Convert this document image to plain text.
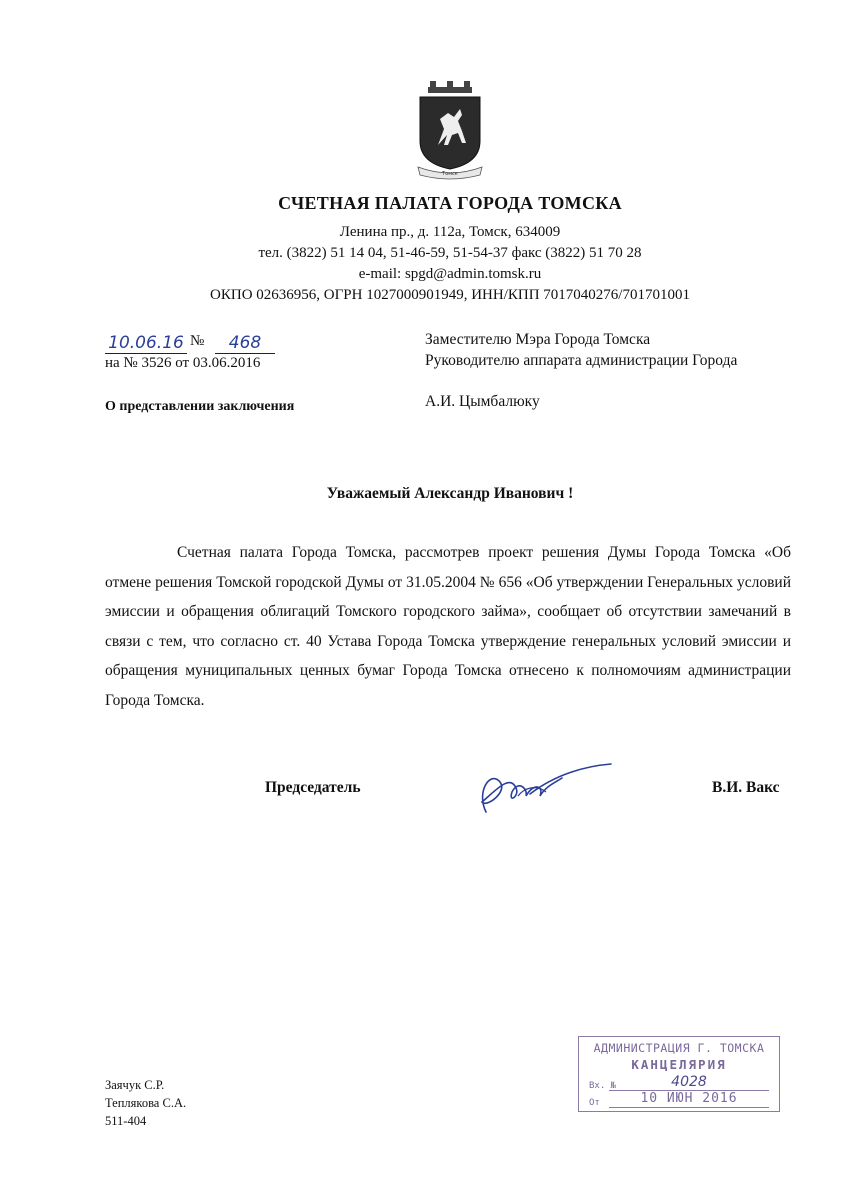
Томск
СЧЕТНАЯ ПАЛАТА ГОРОДА ТОМСКА
Ленина пр., д. 112а, Томск, 634009
тел. (3822) 51 14 04, 51-46-59, 51-54-37 факс (3822) 51 70 28
e-mail: spgd@admin.tomsk.ru
ОКПО 02636956, ОГРН 1027000901949, ИНН/КПП 7017040276/701701001
10.06.16 №	468
на № 3526 от 03.06.2016
О представлении заключения
Заместителю Мэра Города Томска
Руководителю аппарата администрации Города
А.И. Цымбалюку
Уважаемый Александр Иванович !

Счетная палата Города Томска, рассмотрев проект решения Думы Города Томска «Об отмене решения Томской городской Думы от 31.05.2004 № 656 «Об утверждении Генеральных условий эмиссии и обращения облигаций Томского городского займа», сообщает об отсутствии замечаний в связи с тем, что согласно ст. 40 Устава Города Томска утверждение генеральных условий эмиссии и обращения муниципальных ценных бумаг Города Томска отнесено к полномочиям администрации Города Томска.

Председатель	В.И. Вакс
Заячук С.Р.
Теплякова С.А.
511-404
АДМИНИСТРАЦИЯ Г. ТОМСКА
КАНЦЕЛЯРИЯ
Вх. №	4028
От	10 ИЮН 2016
